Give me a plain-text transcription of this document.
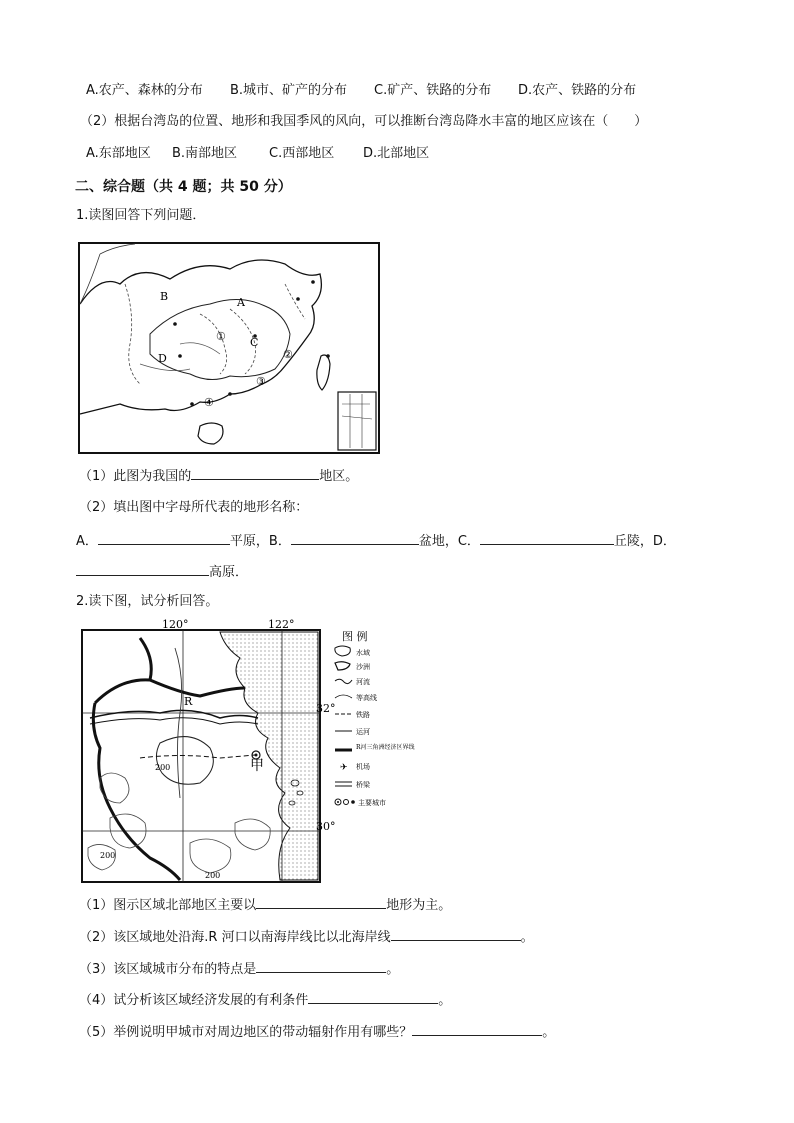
A.农产、森林的分布 B.城市、矿产的分布 C.矿产、铁路的分布 D.农产、铁路的分布
（2）根据台湾岛的位置、地形和我国季风的风向，可以推断台湾岛降水丰富的地区应该在（　　）
A.东部地区 B.南部地区 C.西部地区 D.北部地区
二、综合题（共 4 题；共 50 分）
1.读图回答下列问题．
B	A
C
D
①
②
③
④
（1）此图为我国的	地区。
（2）填出图中字母所代表的地形名称：
A．	平原，B．	盆地，C．	丘陵，D．
高原．
2.读下图，试分析回答。
120°	122°
32°
30°
R
甲
200
200
200
图 例
水域
沙洲
河流
等高线
铁路
运河
R河三角洲经济区界线
✈ 机场
桥梁
主要城市
（1）图示区域北部地区主要以	地形为主。
（2）该区域地处沿海.R 河口以南海岸线比以北海岸线	。
（3）该区域城市分布的特点是	。
（4）试分析该区域经济发展的有利条件	。
（5）举例说明甲城市对周边地区的带动辐射作用有哪些？	。
